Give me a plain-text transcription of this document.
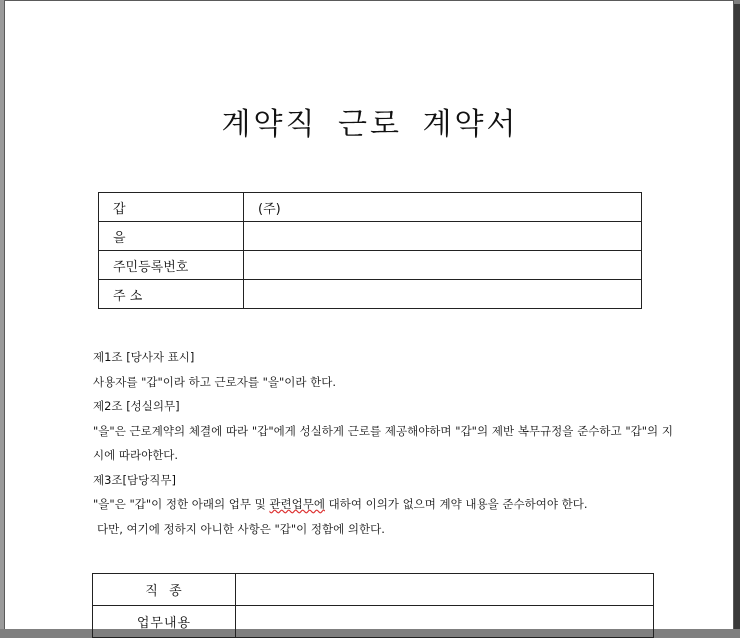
계약직 근로 계약서
갑	(주)
을	
주민등록번호	
주 소	

제1조 [당사자 표시]

사용자를 "갑"이라 하고 근로자를 "을"이라 한다.

제2조 [성실의무]

"을"은 근로계약의 체결에 따라 "갑"에게 성실하게 근로를 제공해야하며 "갑"의 제반 복무규정을 준수하고 "갑"의 지시에 따라야한다.

제3조[담당직무]

"을"은 "갑"이 정한 아래의 업무 및 관련업무에 대하여 이의가 없으며 계약 내용을 준수하여야 한다.

다만, 여기에 정하지 아니한 사항은 "갑"이 정함에 의한다.

직  종	
업무내용	
